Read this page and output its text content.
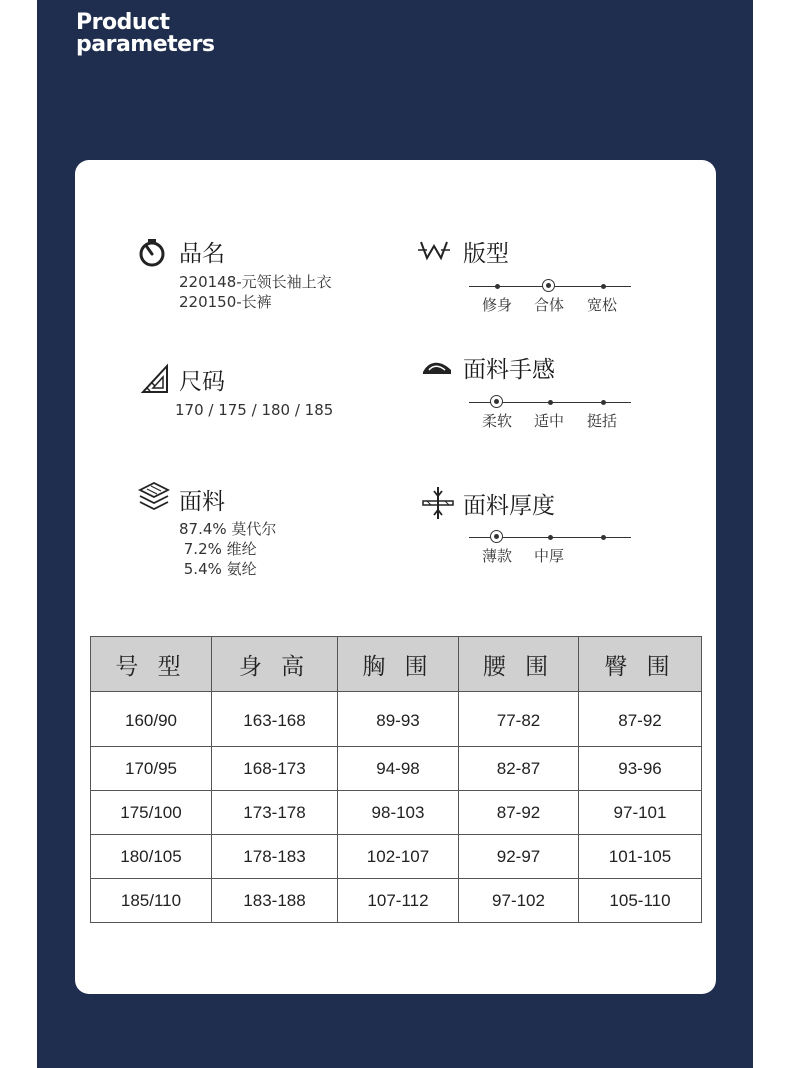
Product
parameters
品名
220148-元领长袖上衣
220150-长裤
尺码
170 / 175 / 180 / 185
面料
87.4% 莫代尔
7.2% 维纶
5.4% 氨纶
版型
修身 合体 宽松
面料手感
柔软 适中 挺括
面料厚度
薄款 中厚
号 型	身 高	胸 围	腰 围	臀 围
160/90	163-168	89-93	77-82	87-92
170/95	168-173	94-98	82-87	93-96
175/100	173-178	98-103	87-92	97-101
180/105	178-183	102-107	92-97	101-105
185/110	183-188	107-112	97-102	105-110
